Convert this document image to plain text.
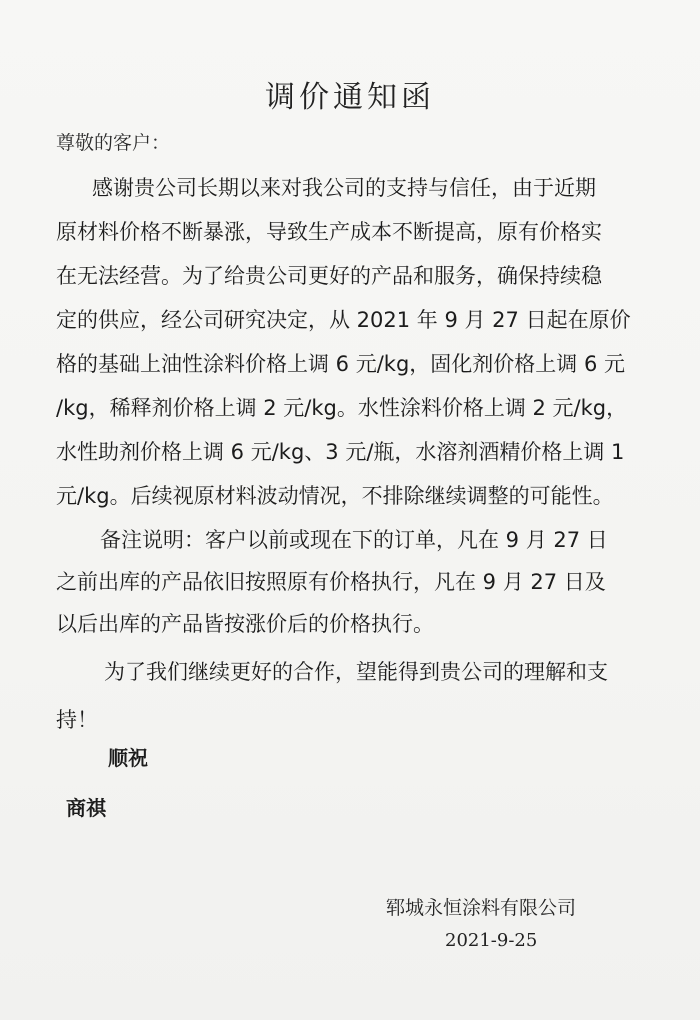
调价通知函
尊敬的客户：
感谢贵公司长期以来对我公司的支持与信任，由于近期
原材料价格不断暴涨，导致生产成本不断提高，原有价格实
在无法经营。为了给贵公司更好的产品和服务，确保持续稳
定的供应，经公司研究决定，从 2021 年 9 月 27 日起在原价
格的基础上油性涂料价格上调 6 元/kg，固化剂价格上调 6 元
/kg，稀释剂价格上调 2 元/kg。水性涂料价格上调 2 元/kg，
水性助剂价格上调 6 元/kg、3 元/瓶，水溶剂酒精价格上调 1
元/kg。后续视原材料波动情况，不排除继续调整的可能性。
备注说明：客户以前或现在下的订单，凡在 9 月 27 日
之前出库的产品依旧按照原有价格执行，凡在 9 月 27 日及
以后出库的产品皆按涨价后的价格执行。
为了我们继续更好的合作，望能得到贵公司的理解和支
持！
顺祝
商祺
郓城永恒涂料有限公司
2021-9-25
